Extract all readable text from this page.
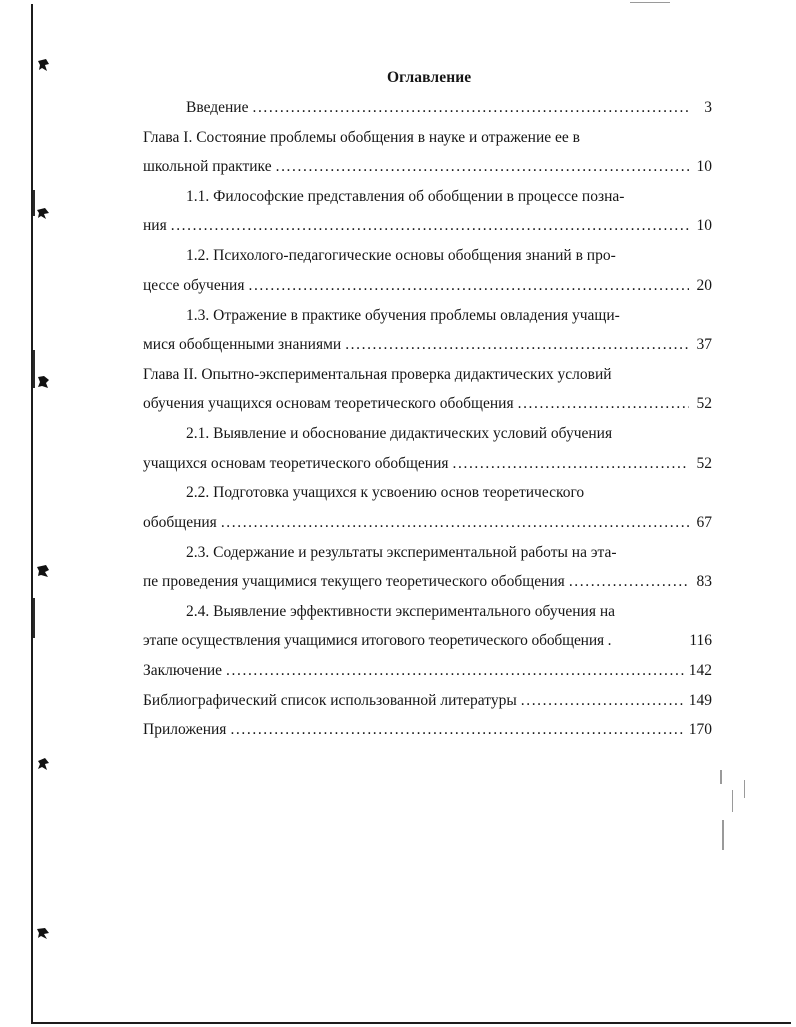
Оглавление
Введение .....	3
Глава I. Состояние проблемы обобщения в науке и отражение ее в
школьной практике .....	10
1.1. Философские представления об обобщении в процессе позна-
ния .....	10
1.2. Психолого-педагогические основы обобщения знаний в про-
цессе обучения .....	20
1.3. Отражение в практике обучения проблемы овладения учащи-
мися обобщенными знаниями .....	37
Глава II. Опытно-экспериментальная проверка дидактических условий
обучения учащихся основам теоретического обобщения .....	52
2.1. Выявление и обоснование дидактических условий обучения
учащихся основам теоретического обобщения .....	52
2.2. Подготовка учащихся к усвоению основ теоретического
обобщения .....	67
2.3. Содержание и результаты экспериментальной работы на эта-
пе проведения учащимися текущего теоретического обобщения .....	83
2.4. Выявление эффективности экспериментального обучения на
этапе осуществления учащимися итогового теоретического обобщения .	116
Заключение .....	142
Библиографический список использованной литературы .....	149
Приложения .....	170
